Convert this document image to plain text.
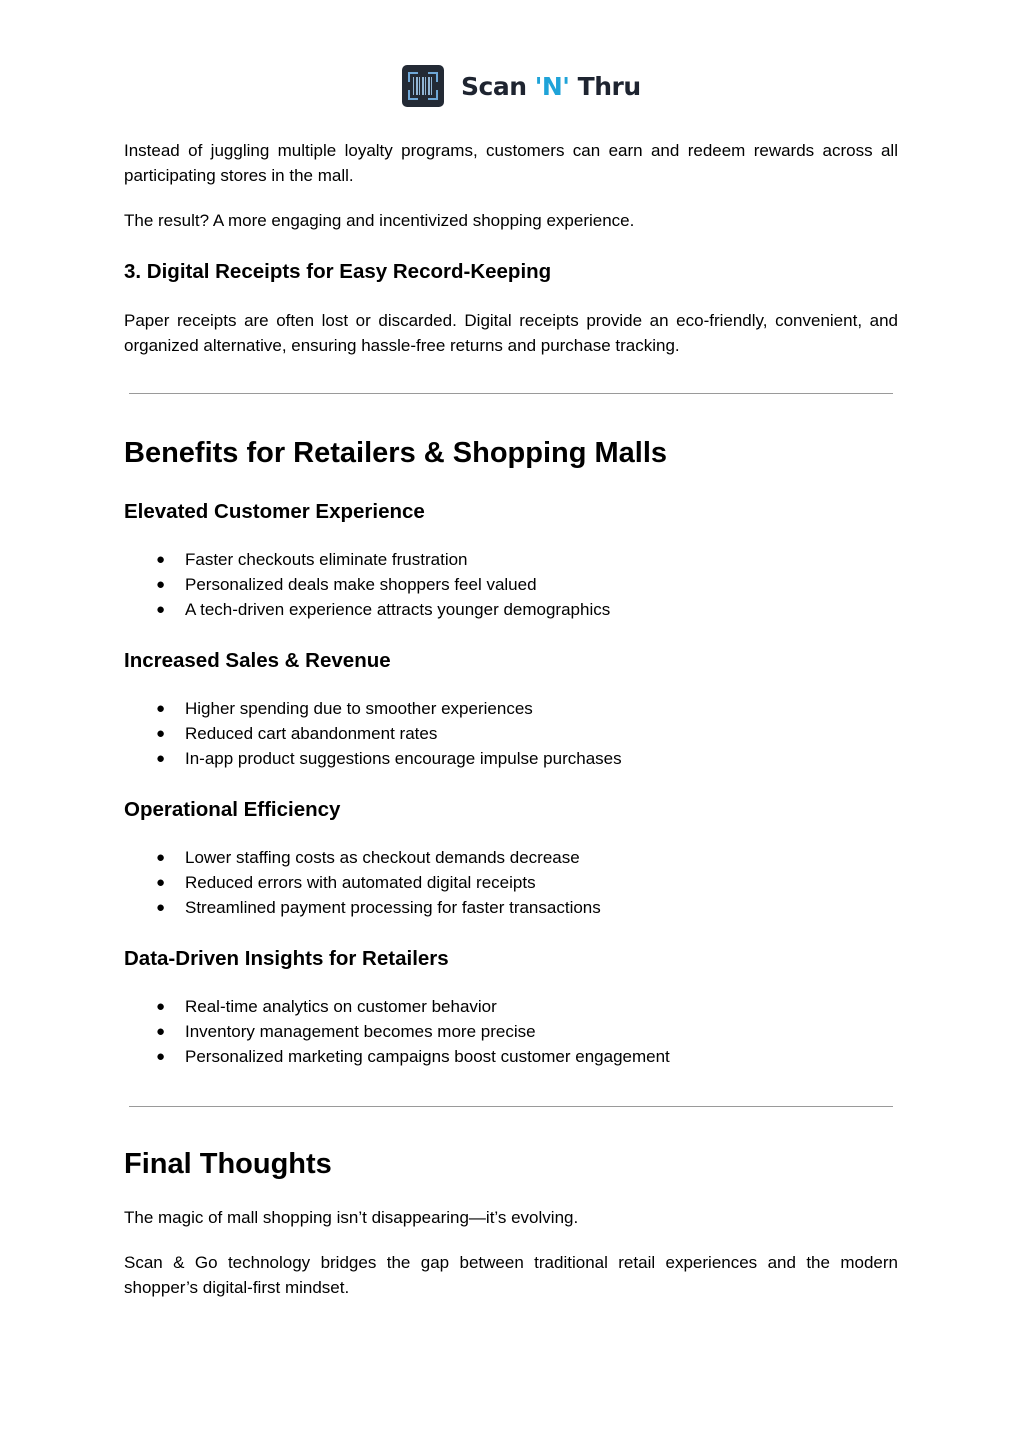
Scan 'N' Thru

Instead of juggling multiple loyalty programs, customers can earn and redeem rewards across all participating stores in the mall.

The result? A more engaging and incentivized shopping experience.

3. Digital Receipts for Easy Record-Keeping

Paper receipts are often lost or discarded. Digital receipts provide an eco-friendly, convenient, and organized alternative, ensuring hassle-free returns and purchase tracking.

Benefits for Retailers & Shopping Malls
Elevated Customer Experience
● Faster checkouts eliminate frustration
● Personalized deals make shoppers feel valued
● A tech-driven experience attracts younger demographics
Increased Sales & Revenue
● Higher spending due to smoother experiences
● Reduced cart abandonment rates
● In-app product suggestions encourage impulse purchases
Operational Efficiency
● Lower staffing costs as checkout demands decrease
● Reduced errors with automated digital receipts
● Streamlined payment processing for faster transactions
Data-Driven Insights for Retailers
● Real-time analytics on customer behavior
● Inventory management becomes more precise
● Personalized marketing campaigns boost customer engagement
Final Thoughts

The magic of mall shopping isn’t disappearing—it’s evolving.

Scan & Go technology bridges the gap between traditional retail experiences and the modern shopper’s digital-first mindset.
